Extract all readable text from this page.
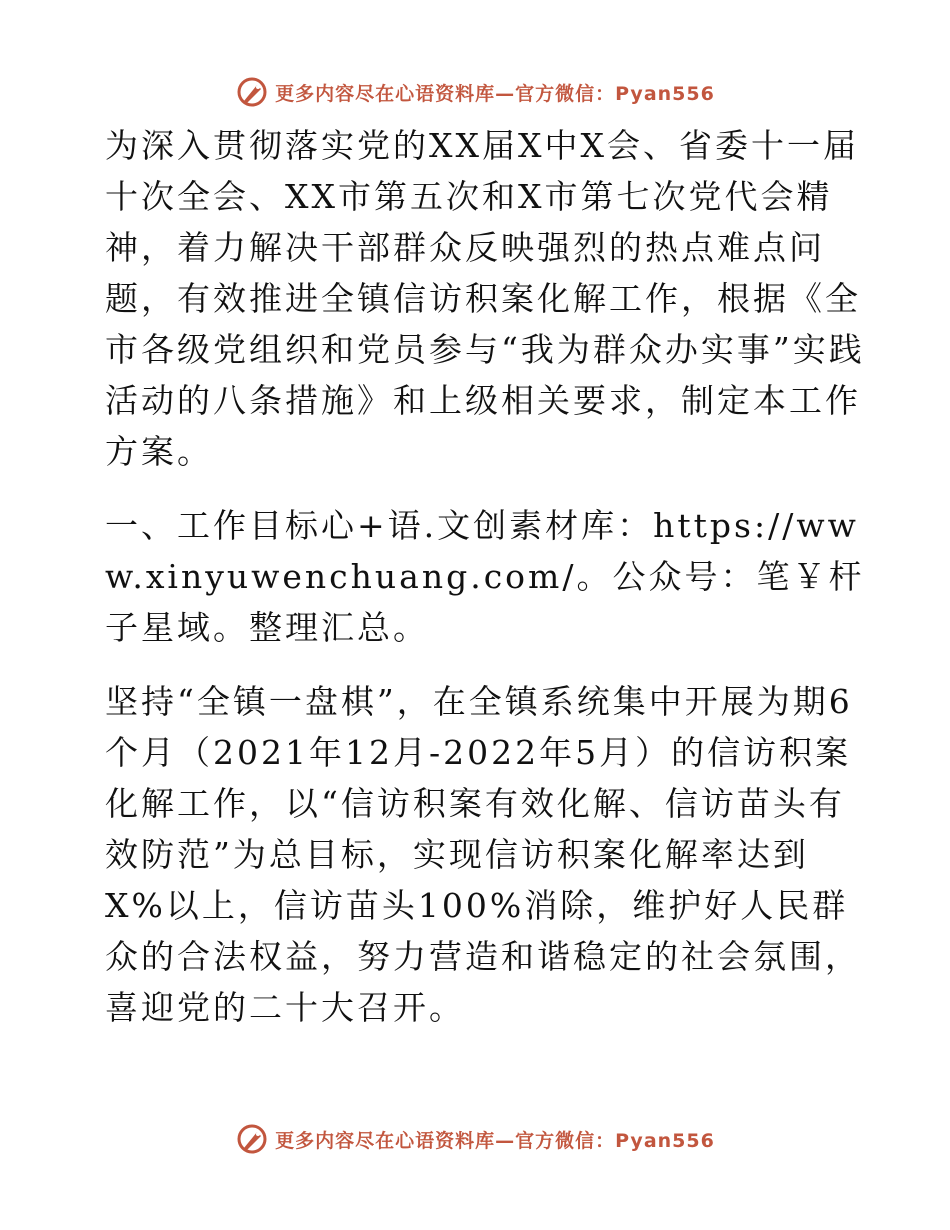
更多内容尽在心语资料库—官方微信：Pyan556

为深入贯彻落实党的XX届X中X会、省委十一届十次全会、XX市第五次和X市第七次党代会精神，着力解决干部群众反映强烈的热点难点问题，有效推进全镇信访积案化解工作，根据《全市各级党组织和党员参与“我为群众办实事”实践活动的八条措施》和上级相关要求，制定本工作方案。

一、工作目标心+语.文创素材库：https://www.xinyuwenchuang.com/。公众号：笔￥杆子星域。整理汇总。

坚持“全镇一盘棋”，在全镇系统集中开展为期6个月（2021年12月-2022年5月）的信访积案化解工作，以“信访积案有效化解、信访苗头有效防范”为总目标，实现信访积案化解率达到X%以上，信访苗头100%消除，维护好人民群众的合法权益，努力营造和谐稳定的社会氛围，喜迎党的二十大召开。

更多内容尽在心语资料库—官方微信：Pyan556
